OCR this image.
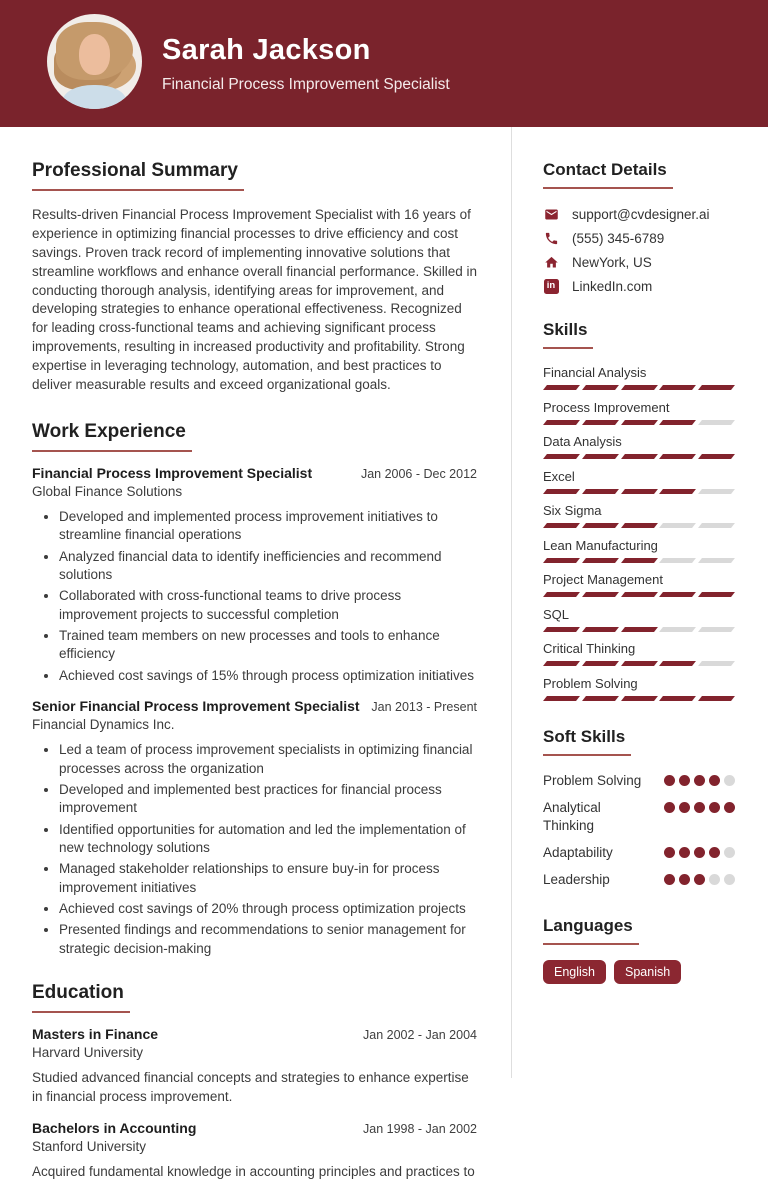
Sarah Jackson
Financial Process Improvement Specialist
Professional Summary

Results-driven Financial Process Improvement Specialist with 16 years of experience in optimizing financial processes to drive efficiency and cost savings. Proven track record of implementing innovative solutions that streamline workflows and enhance overall financial performance. Skilled in conducting thorough analysis, identifying areas for improvement, and developing strategies to enhance operational effectiveness. Recognized for leading cross-functional teams and achieving significant process improvements, resulting in increased productivity and profitability. Strong expertise in leveraging technology, automation, and best practices to deliver measurable results and exceed organizational goals.

Work Experience
Financial Process Improvement Specialist	Jan 2006 - Dec 2012
Global Finance Solutions
• Developed and implemented process improvement initiatives to streamline financial operations
• Analyzed financial data to identify inefficiencies and recommend solutions
• Collaborated with cross-functional teams to drive process improvement projects to successful completion
• Trained team members on new processes and tools to enhance efficiency
• Achieved cost savings of 15% through process optimization initiatives
Senior Financial Process Improvement Specialist Jan 2013 - Present
Financial Dynamics Inc.
• Led a team of process improvement specialists in optimizing financial processes across the organization
• Developed and implemented best practices for financial process improvement
• Identified opportunities for automation and led the implementation of new technology solutions
• Managed stakeholder relationships to ensure buy-in for process improvement initiatives
• Achieved cost savings of 20% through process optimization projects
• Presented findings and recommendations to senior management for strategic decision-making
Education
Masters in Finance	Jan 2002 - Jan 2004
Harvard University

Studied advanced financial concepts and strategies to enhance expertise in financial process improvement.

Bachelors in Accounting	Jan 1998 - Jan 2002
Stanford University

Acquired fundamental knowledge in accounting principles and practices to

Contact Details
support@cvdesigner.ai
(555) 345-6789
NewYork, US
in LinkedIn.com
Skills
Financial Analysis
Process Improvement
Data Analysis
Excel
Six Sigma
Lean Manufacturing
Project Management
SQL
Critical Thinking
Problem Solving
Soft Skills
Problem Solving
Analytical Thinking
Adaptability
Leadership
Languages
English	Spanish
